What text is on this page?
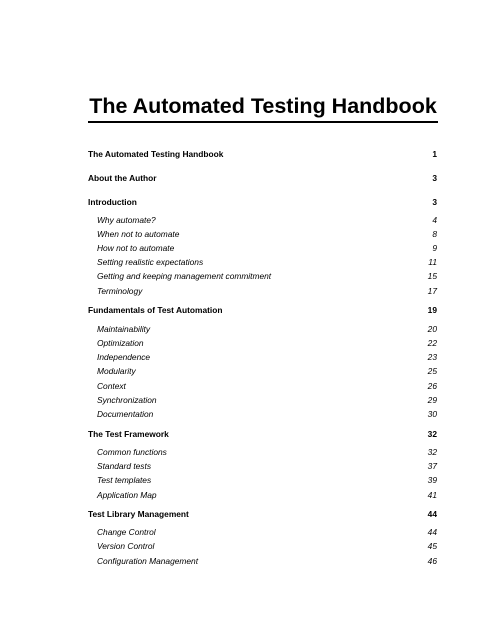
The Automated Testing Handbook
The Automated Testing Handbook	1
About the Author	3
Introduction	3
Why automate?	4
When not to automate	8
How not to automate	9
Setting realistic expectations	11
Getting and keeping management commitment	15
Terminology	17
Fundamentals of Test Automation	19
Maintainability	20
Optimization	22
Independence	23
Modularity	25
Context	26
Synchronization	29
Documentation	30
The Test Framework	32
Common functions	32
Standard tests	37
Test templates	39
Application Map	41
Test Library Management	44
Change Control	44
Version Control	45
Configuration Management	46
